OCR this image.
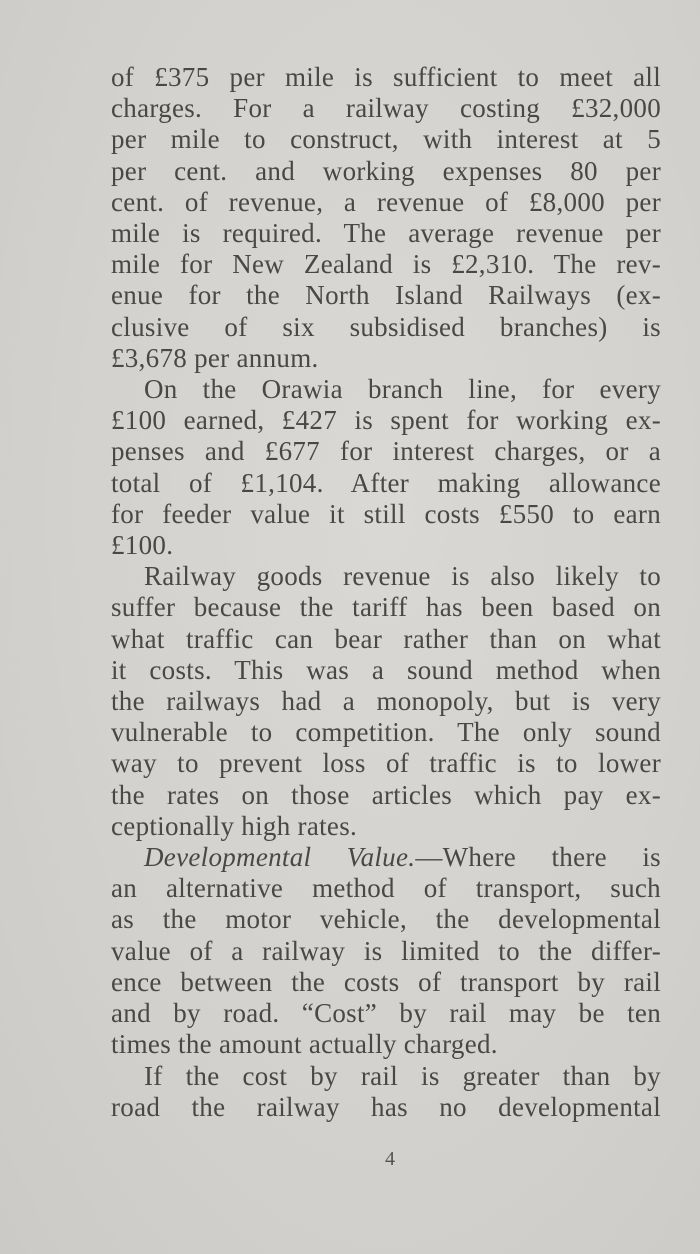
of £375 per mile is sufficient to meet all
charges. For a railway costing £32,000
per mile to construct, with interest at 5
per cent. and working expenses 80 per
cent. of revenue, a revenue of £8,000 per
mile is required. The average revenue per
mile for New Zealand is £2,310. The rev-
enue for the North Island Railways (ex-
clusive of six subsidised branches) is
£3,678 per annum.
On the Orawia branch line, for every
£100 earned, £427 is spent for working ex-
penses and £677 for interest charges, or a
total of £1,104. After making allowance
for feeder value it still costs £550 to earn
£100.
Railway goods revenue is also likely to
suffer because the tariff has been based on
what traffic can bear rather than on what
it costs. This was a sound method when
the railways had a monopoly, but is very
vulnerable to competition. The only sound
way to prevent loss of traffic is to lower
the rates on those articles which pay ex-
ceptionally high rates.
Developmental Value.—Where there is
an alternative method of transport, such
as the motor vehicle, the developmental
value of a railway is limited to the differ-
ence between the costs of transport by rail
and by road. “Cost” by rail may be ten
times the amount actually charged.
If the cost by rail is greater than by
road the railway has no developmental
4
